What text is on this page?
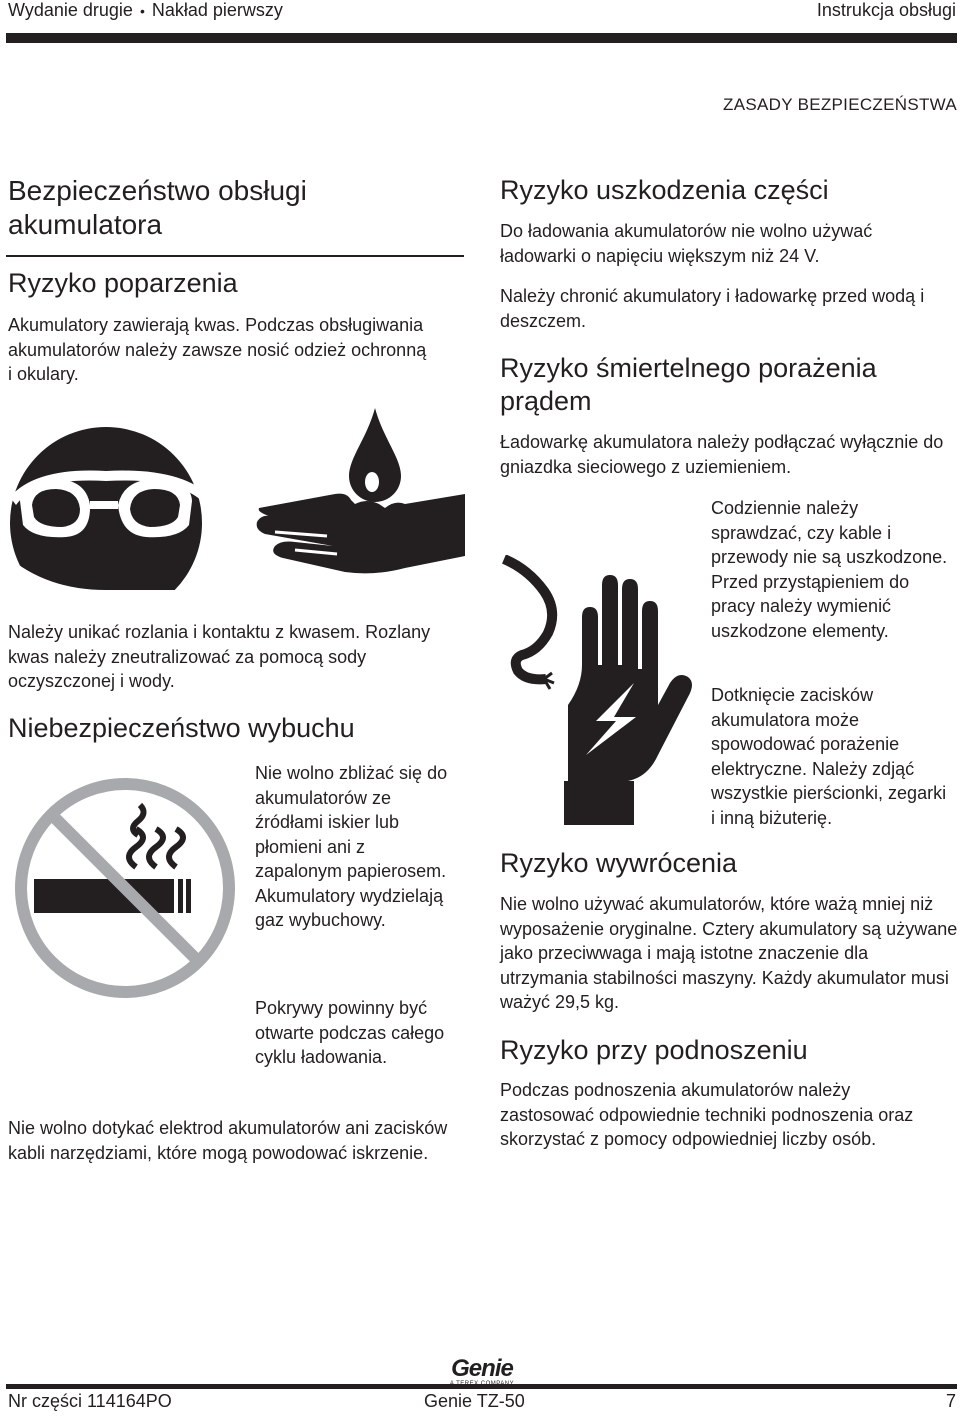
Wydanie drugie • Nakład pierwszy	Instrukcja obsługi
ZASADY BEZPIECZEŃSTWA
Bezpieczeństwo obsługi akumulatora
Ryzyko poparzenia

Akumulatory zawierają kwas. Podczas obsługiwania akumulatorów należy zawsze nosić odzież ochronną i okulary.

Należy unikać rozlania i kontaktu z kwasem. Rozlany kwas należy zneutralizować za pomocą sody oczyszczonej i wody.

Niebezpieczeństwo wybuchu

Nie wolno zbliżać się do akumulatorów ze źródłami iskier lub płomieni ani z zapalonym papierosem. Akumulatory wydzielają gaz wybuchowy.

Pokrywy powinny być otwarte podczas całego cyklu ładowania.

Nie wolno dotykać elektrod akumulatorów ani zacisków kabli narzędziami, które mogą powodować iskrzenie.

Ryzyko uszkodzenia części

Do ładowania akumulatorów nie wolno używać ładowarki o napięciu większym niż 24 V.

Należy chronić akumulatory i ładowarkę przed wodą i deszczem.

Ryzyko śmiertelnego porażenia prądem

Ładowarkę akumulatora należy podłączać wyłącznie do gniazdka sieciowego z uziemieniem.

Codziennie należy sprawdzać, czy kable i przewody nie są uszkodzone. Przed przystąpieniem do pracy należy wymienić uszkodzone elementy.

Dotknięcie zacisków akumulatora może spowodować porażenie elektryczne. Należy zdjąć wszystkie pierścionki, zegarki i inną biżuterię.

Ryzyko wywrócenia

Nie wolno używać akumulatorów, które ważą mniej niż wyposażenie oryginalne. Cztery akumulatory są używane jako przeciwwaga i mają istotne znaczenie dla utrzymania stabilności maszyny. Każdy akumulator musi ważyć 29,5 kg.

Ryzyko przy podnoszeniu

Podczas podnoszenia akumulatorów należy zastosować odpowiednie techniki podnoszenia oraz skorzystać z pomocy odpowiedniej liczby osób.

Genie
Nr części 114164PO	Genie TZ-50	7
